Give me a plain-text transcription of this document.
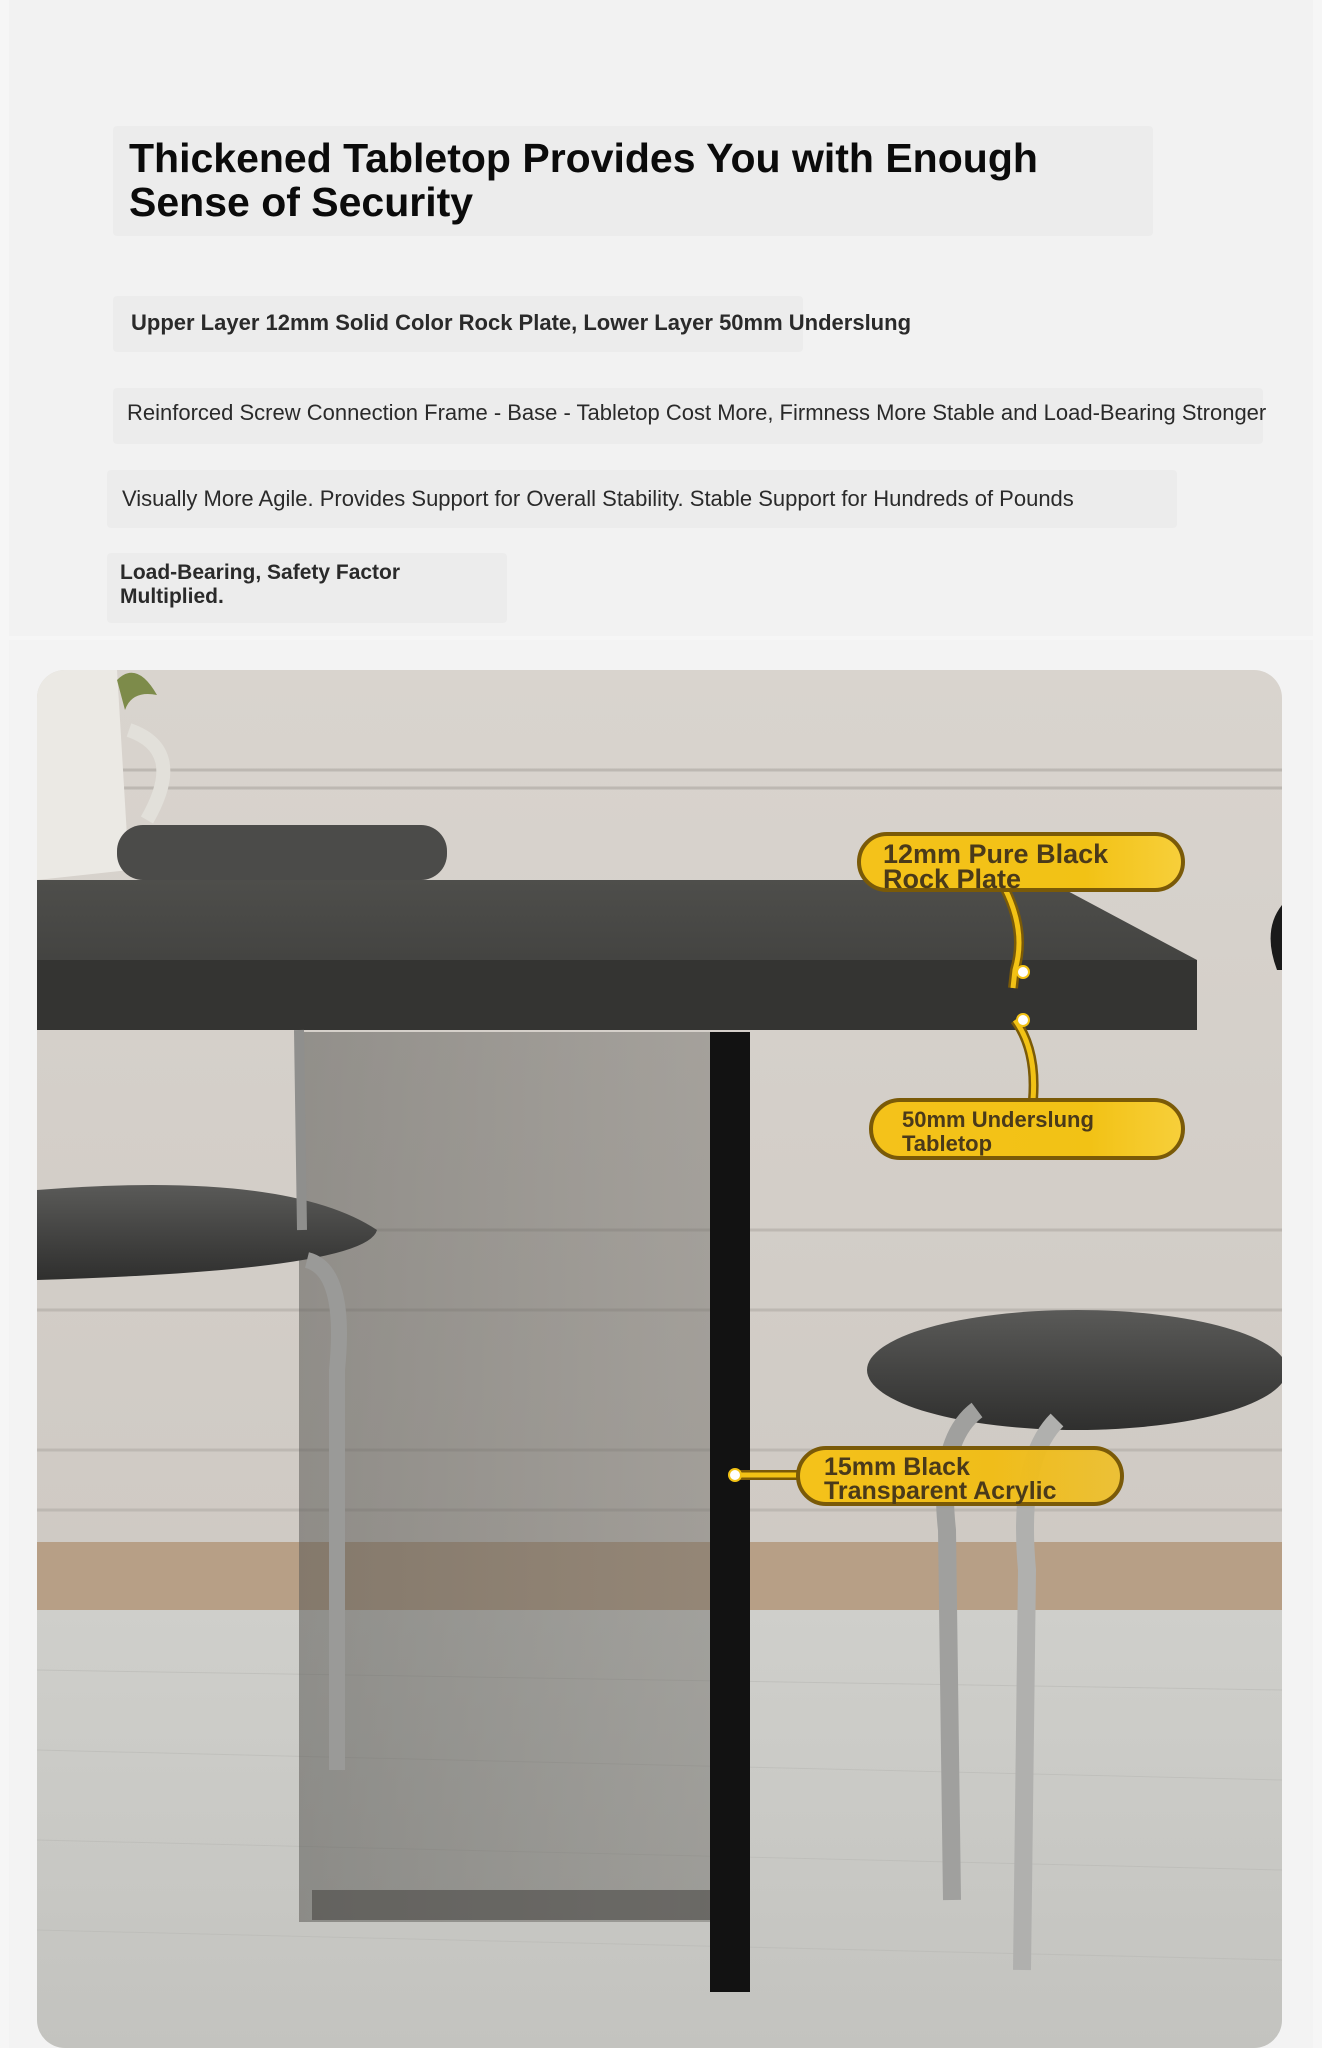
Thickened Tabletop Provides You with Enough Sense of Security
Upper Layer 12mm Solid Color Rock Plate, Lower Layer 50mm Underslung
Reinforced Screw Connection Frame - Base - Tabletop Cost More, Firmness More Stable and Load-Bearing Stronger
Visually More Agile. Provides Support for Overall Stability. Stable Support for Hundreds of Pounds
Load-Bearing, Safety Factor Multiplied.
12mm Pure Black
Rock Plate
50mm Underslung
Tabletop
15mm Black
Transparent Acrylic
